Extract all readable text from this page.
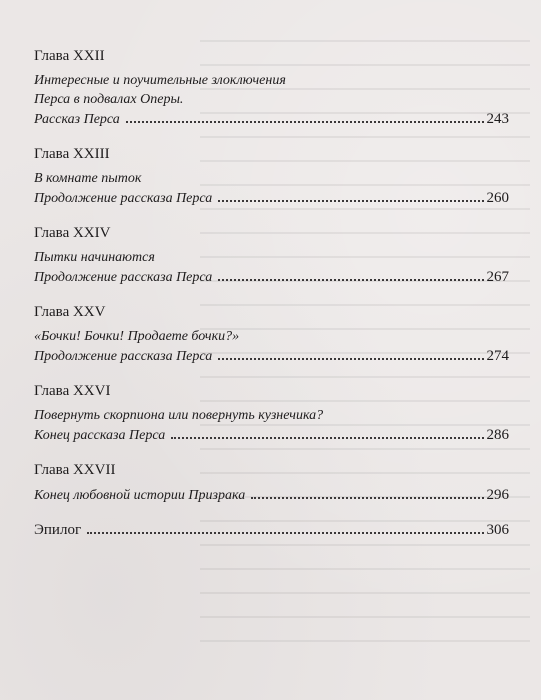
Глава XXII
Интересные и поучительные злоключения
Перса в подвалах Оперы.
Рассказ Перса	243
Глава XXIII
В комнате пыток
Продолжение рассказа Перса	260
Глава XXIV
Пытки начинаются
Продолжение рассказа Перса	267
Глава XXV
«Бочки! Бочки! Продаете бочки?»
Продолжение рассказа Перса	274
Глава XXVI
Повернуть скорпиона или повернуть кузнечика?
Конец рассказа Перса	286
Глава XXVII
Конец любовной истории Призрака	296
Эпилог	306
